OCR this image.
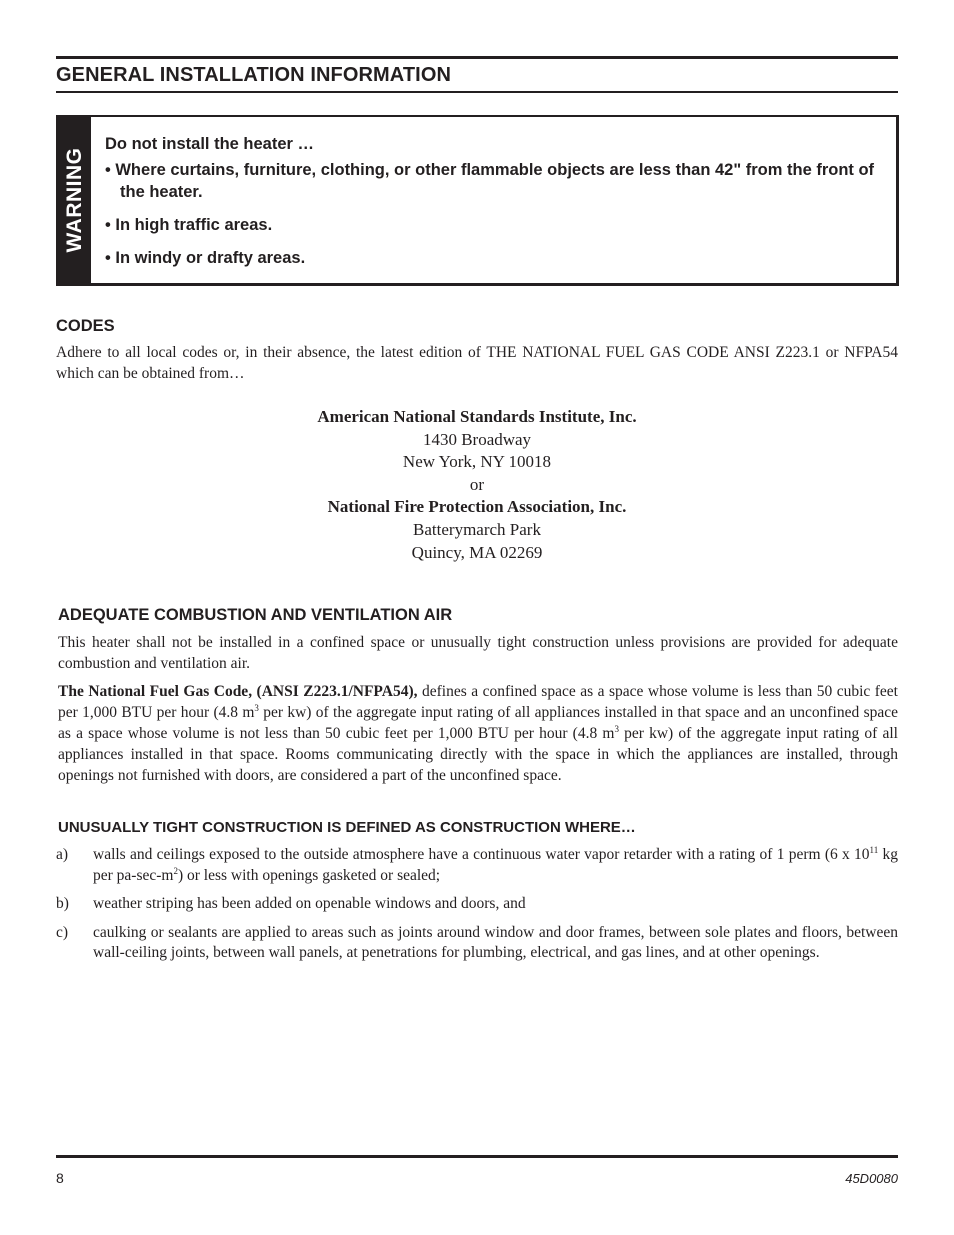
GENERAL INSTALLATION INFORMATION
WARNING

Do not install the heater …

• Where curtains, furniture, clothing, or other flammable objects are less than 42" from the front of the heater.

• In high traffic areas.

• In windy or drafty areas.

CODES

Adhere to all local codes or, in their absence, the latest edition of THE NATIONAL FUEL GAS CODE ANSI Z223.1 or NFPA54 which can be obtained from…

American National Standards Institute, Inc.
1430 Broadway
New York, NY 10018
or
National Fire Protection Association, Inc.
Batterymarch Park
Quincy, MA 02269
ADEQUATE COMBUSTION AND VENTILATION AIR

This heater shall not be installed in a confined space or unusually tight construction unless provisions are provided for adequate combustion and ventilation air.

The National Fuel Gas Code, (ANSI Z223.1/NFPA54), defines a confined space as a space whose volume is less than 50 cubic feet per 1,000 BTU per hour (4.8 $m^3$ per kw) of the aggregate input rating of all appliances installed in that space and an unconfined space as a space whose volume is not less than 50 cubic feet per 1,000 BTU per hour (4.8 $m^3$ per kw) of the aggregate input rating of all appliances installed in that space. Rooms communicating directly with the space in which the appliances are installed, through openings not furnished with doors, are considered a part of the unconfined space.

UNUSUALLY TIGHT CONSTRUCTION IS DEFINED AS CONSTRUCTION WHERE…
a)	walls and ceilings exposed to the outside atmosphere have a continuous water vapor retarder with a rating of 1 perm (6 x $10^{11}$ kg per $pa-\sec-m^2$) or less with openings gasketed or sealed;
b)	weather striping has been added on openable windows and doors, and
c)	caulking or sealants are applied to areas such as joints around window and door frames, between sole plates and floors, between wall-ceiling joints, between wall panels, at penetrations for plumbing, electrical, and gas lines, and at other openings.
8	45D0080
